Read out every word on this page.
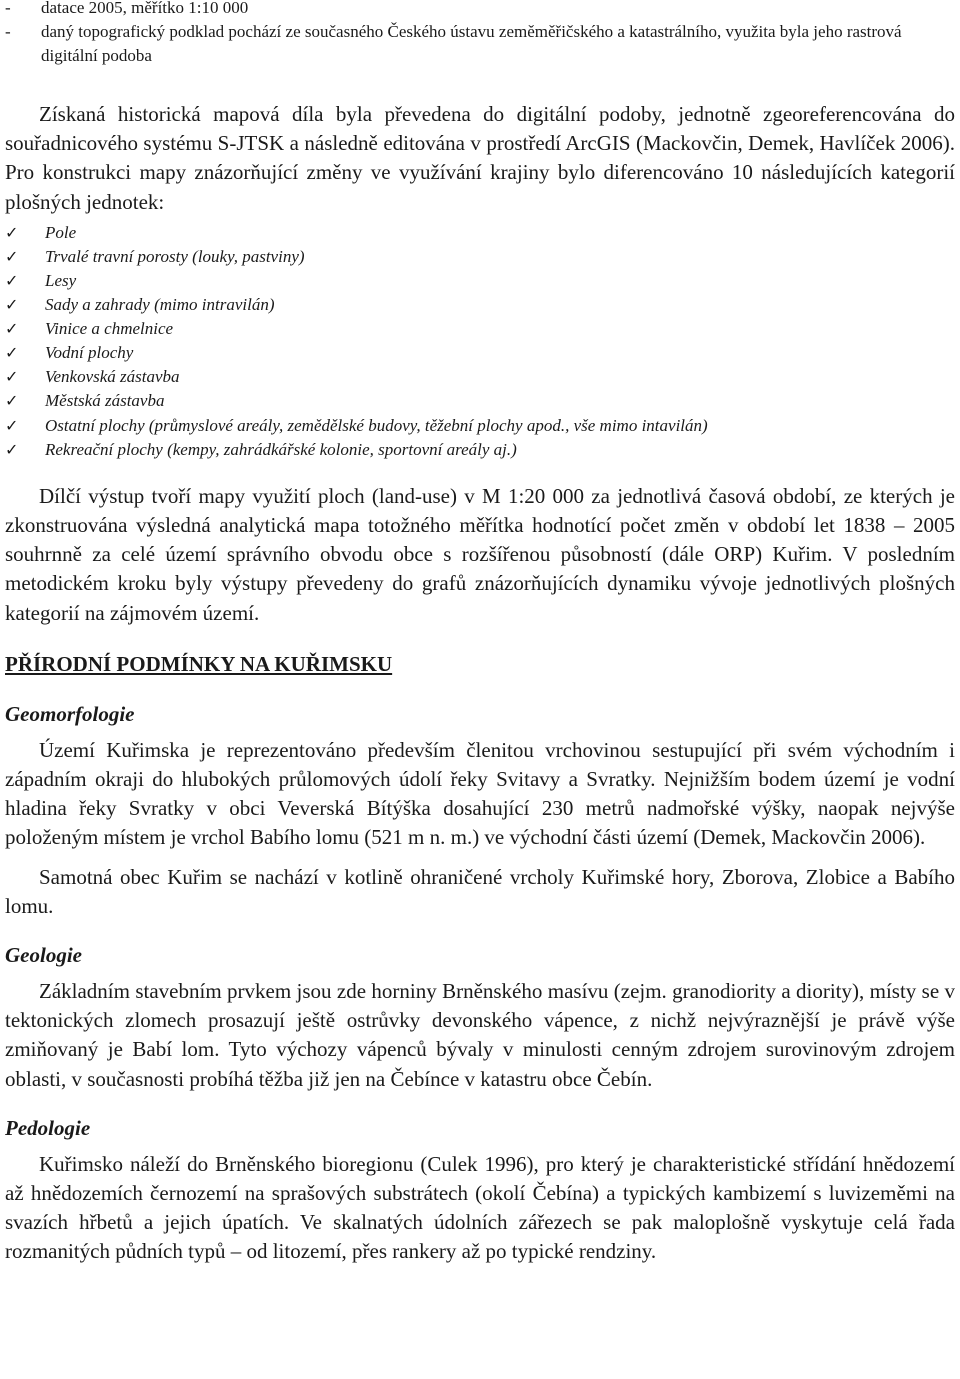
- datace 2005, měřítko 1:10 000
- daný topografický podklad pochází ze současného Českého ústavu zeměměřičského a katastrálního, využita byla jeho rastrová digitální podoba

Získaná historická mapová díla byla převedena do digitální podoby, jednotně zgeoreferencována do souřadnicového systému S-JTSK a následně editována v prostředí ArcGIS (Mackovčin, Demek, Havlíček 2006). Pro konstrukci mapy znázorňující změny ve využívání krajiny bylo diferencováno 10 následujících kategorií plošných jednotek:

✓ Pole
✓ Trvalé travní porosty (louky, pastviny)
✓ Lesy
✓ Sady a zahrady (mimo intravilán)
✓ Vinice a chmelnice
✓ Vodní plochy
✓ Venkovská zástavba
✓ Městská zástavba
✓ Ostatní plochy (průmyslové areály, zemědělské budovy, těžební plochy apod., vše mimo intavilán)
✓ Rekreační plochy (kempy, zahrádkářské kolonie, sportovní areály aj.)

Dílčí výstup tvoří mapy využití ploch (land-use) v M 1:20 000 za jednotlivá časová období, ze kterých je zkonstruována výsledná analytická mapa totožného měřítka hodnotící počet změn v období let 1838 – 2005 souhrnně za celé území správního obvodu obce s rozšířenou působností (dále ORP) Kuřim. V posledním metodickém kroku byly výstupy převedeny do grafů znázorňujících dynamiku vývoje jednotlivých plošných kategorií na zájmovém území.

PŘÍRODNÍ PODMÍNKY NA KUŘIMSKU
Geomorfologie

Území Kuřimska je reprezentováno především členitou vrchovinou sestupující při svém východním i západním okraji do hlubokých průlomových údolí řeky Svitavy a Svratky. Nejnižším bodem území je vodní hladina řeky Svratky v obci Veverská Bítýška dosahující 230 metrů nadmořské výšky, naopak nejvýše položeným místem je vrchol Babího lomu (521 m n. m.) ve východní části území (Demek, Mackovčin 2006).

Samotná obec Kuřim se nachází v kotlině ohraničené vrcholy Kuřimské hory, Zborova, Zlobice a Babího lomu.

Geologie

Základním stavebním prvkem jsou zde horniny Brněnského masívu (zejm. granodiority a diority), místy se v tektonických zlomech prosazují ještě ostrůvky devonského vápence, z nichž nejvýraznější je právě výše zmiňovaný je Babí lom. Tyto výchozy vápenců bývaly v minulosti cenným zdrojem surovinovým zdrojem oblasti, v současnosti probíhá těžba již jen na Čebínce v katastru obce Čebín.

Pedologie

Kuřimsko náleží do Brněnského bioregionu (Culek 1996), pro který je charakteristické střídání hnědozemí až hnědozemích černozemí na sprašových substrátech (okolí Čebína) a typických kambizemí s luvizeměmi na svazích hřbetů a jejich úpatích. Ve skalnatých údolních zářezech se pak maloplošně vyskytuje celá řada rozmanitých půdních typů – od litozemí, přes rankery až po typické rendziny.
